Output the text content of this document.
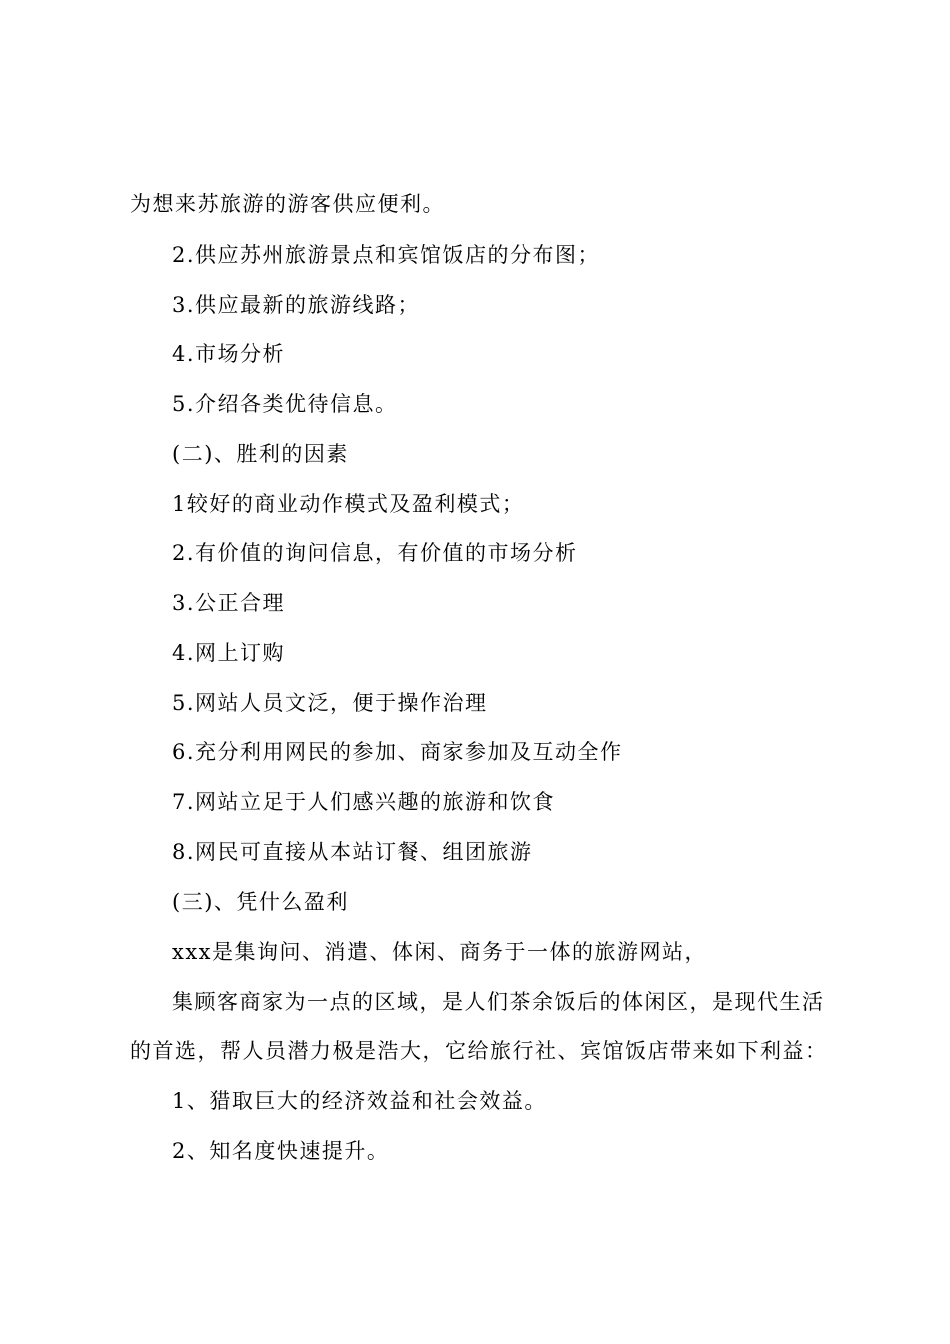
为想来苏旅游的游客供应便利。
2.供应苏州旅游景点和宾馆饭店的分布图；
3.供应最新的旅游线路；
4.市场分析
5.介绍各类优待信息。
(二)、胜利的因素
1较好的商业动作模式及盈利模式；
2.有价值的询问信息，有价值的市场分析
3.公正合理
4.网上订购
5.网站人员文泛，便于操作治理
6.充分利用网民的参加、商家参加及互动全作
7.网站立足于人们感兴趣的旅游和饮食
8.网民可直接从本站订餐、组团旅游
(三)、凭什么盈利
xxx是集询问、消遣、体闲、商务于一体的旅游网站，
集顾客商家为一点的区域，是人们茶余饭后的体闲区，是现代生活
的首选，帮人员潜力极是浩大，它给旅行社、宾馆饭店带来如下利益：
1、猎取巨大的经济效益和社会效益。
2、知名度快速提升。
